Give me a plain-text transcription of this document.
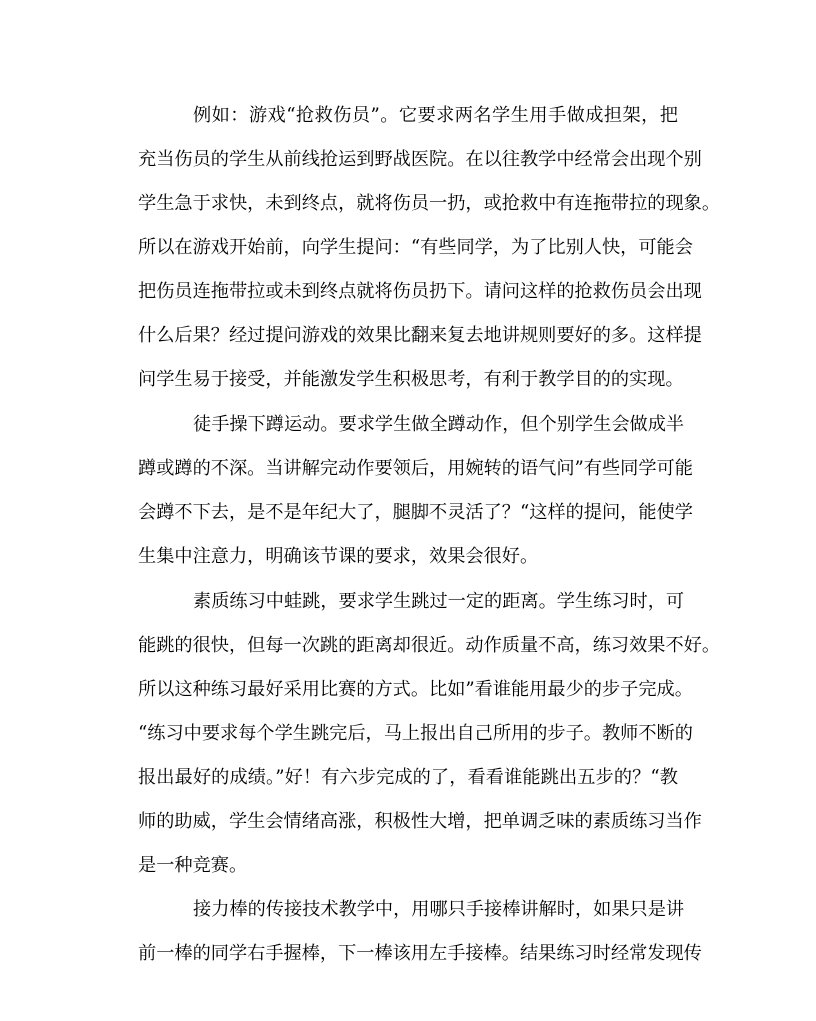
例如：游戏“抢救伤员”。它要求两名学生用手做成担架，把
充当伤员的学生从前线抢运到野战医院。在以往教学中经常会出现个别
学生急于求快，未到终点，就将伤员一扔，或抢救中有连拖带拉的现象。
所以在游戏开始前，向学生提问：“有些同学，为了比别人快，可能会
把伤员连拖带拉或未到终点就将伤员扔下。请问这样的抢救伤员会出现
什么后果？经过提问游戏的效果比翻来复去地讲规则要好的多。这样提
问学生易于接受，并能激发学生积极思考，有利于教学目的的实现。
徒手操下蹲运动。要求学生做全蹲动作，但个别学生会做成半
蹲或蹲的不深。当讲解完动作要领后，用婉转的语气问”有些同学可能
会蹲不下去，是不是年纪大了，腿脚不灵活了？“这样的提问，能使学
生集中注意力，明确该节课的要求，效果会很好。
素质练习中蛙跳，要求学生跳过一定的距离。学生练习时，可
能跳的很快，但每一次跳的距离却很近。动作质量不高，练习效果不好。
所以这种练习最好采用比赛的方式。比如”看谁能用最少的步子完成。
“练习中要求每个学生跳完后，马上报出自己所用的步子。教师不断的
报出最好的成绩。”好！有六步完成的了，看看谁能跳出五步的？“教
师的助威，学生会情绪高涨，积极性大增，把单调乏味的素质练习当作
是一种竞赛。
接力棒的传接技术教学中，用哪只手接棒讲解时，如果只是讲
前一棒的同学右手握棒，下一棒该用左手接棒。结果练习时经常发现传
